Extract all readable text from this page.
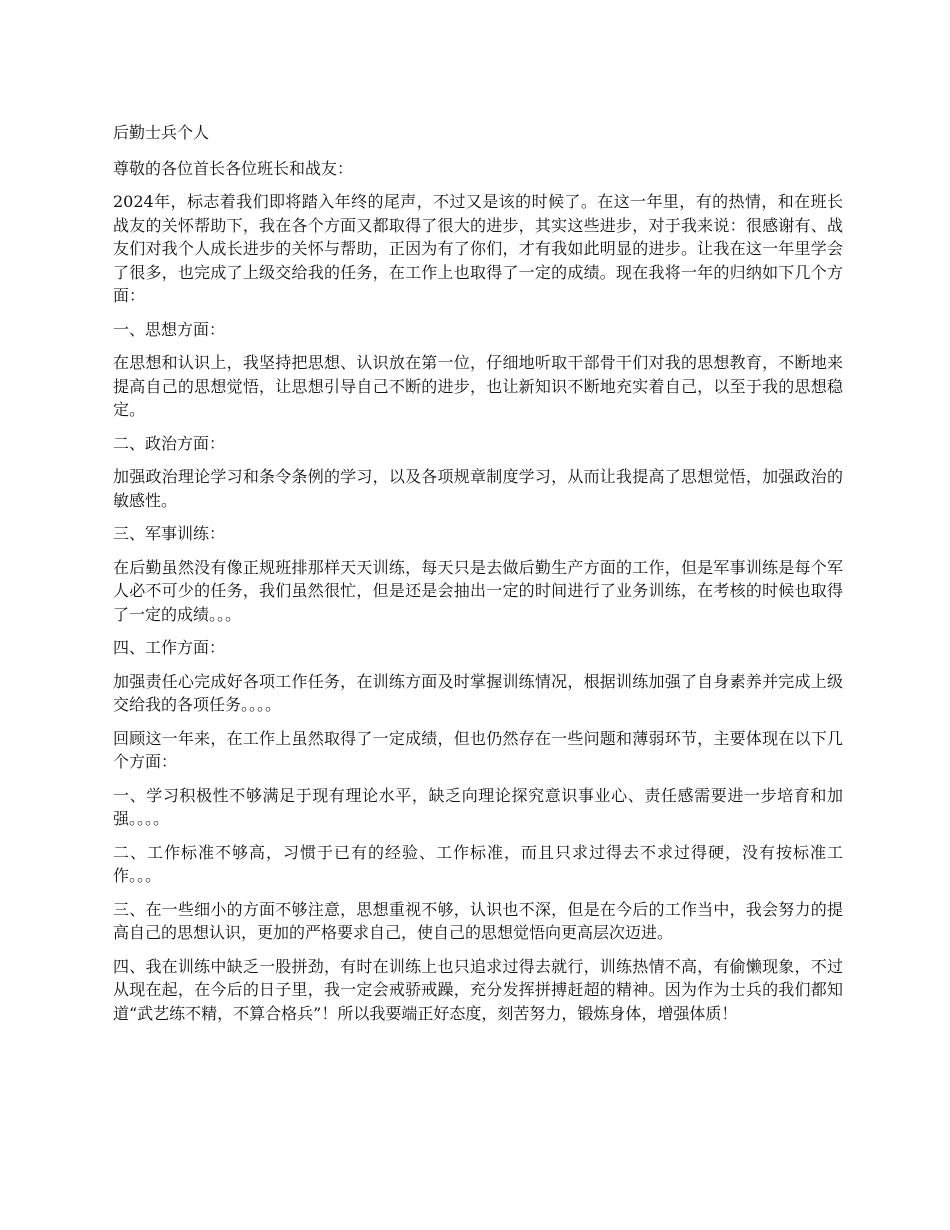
后勤士兵个人

尊敬的各位首长各位班长和战友：

2024年，标志着我们即将踏入年终的尾声，不过又是该的时候了。在这一年里，有的热情，和在班长 战友的关怀帮助下，我在各个方面又都取得了很大的进步，其实这些进步，对于我来说：很感谢有、战友们对我个人成长进步的关怀与帮助，正因为有了你们，才有我如此明显的进步。让我在这一年里学会了很多，也完成了上级交给我的任务，在工作上也取得了一定的成绩。现在我将一年的归纳如下几个方面：

一、思想方面：

在思想和认识上，我坚持把思想、认识放在第一位，仔细地听取干部骨干们对我的思想教育，不断地来提高自己的思想觉悟，让思想引导自己不断的进步，也让新知识不断地充实着自己，以至于我的思想稳定。

二、政治方面：

加强政治理论学习和条令条例的学习，以及各项规章制度学习，从而让我提高了思想觉悟，加强政治的敏感性。

三、军事训练：

在后勤虽然没有像正规班排那样天天训练，每天只是去做后勤生产方面的工作，但是军事训练是每个军人必不可少的任务，我们虽然很忙，但是还是会抽出一定的时间进行了业务训练，在考核的时候也取得了一定的成绩。。。

四、工作方面：

加强责任心完成好各项工作任务，在训练方面及时掌握训练情况，根据训练加强了自身素养并完成上级交给我的各项任务。。。。

回顾这一年来，在工作上虽然取得了一定成绩，但也仍然存在一些问题和薄弱环节，主要体现在以下几个方面：

一、学习积极性不够满足于现有理论水平，缺乏向理论探究意识事业心、责任感需要进一步培育和加强。。。。

二、工作标准不够高，习惯于已有的经验、工作标准，而且只求过得去不求过得硬，没有按标准工作。。。

三、在一些细小的方面不够注意，思想重视不够，认识也不深，但是在今后的工作当中，我会努力的提高自己的思想认识，更加的严格要求自己，使自己的思想觉悟向更高层次迈进。

四、我在训练中缺乏一股拼劲，有时在训练上也只追求过得去就行，训练热情不高，有偷懒现象，不过从现在起，在今后的日子里，我一定会戒骄戒躁，充分发挥拼搏赶超的精神。因为作为士兵的我们都知道“武艺练不精，不算合格兵”！所以我要端正好态度，刻苦努力，锻炼身体，增强体质！
